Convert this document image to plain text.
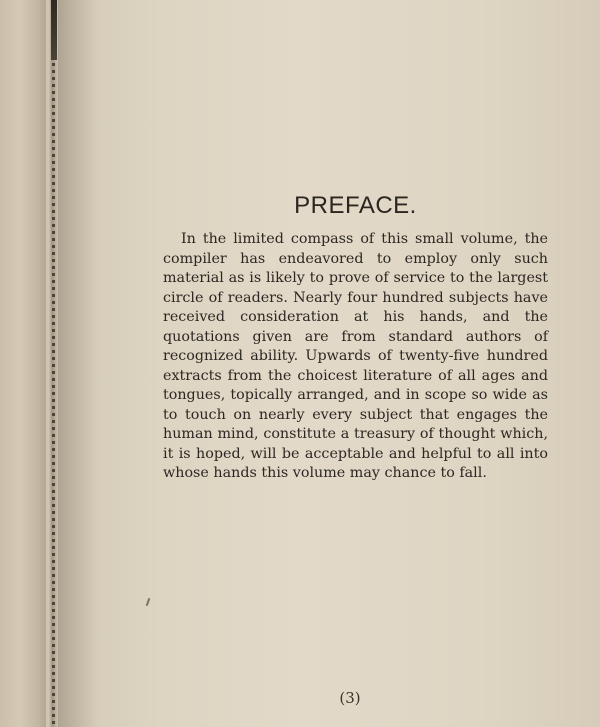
PREFACE.

In the limited compass of this small volume, the compiler has endeavored to employ only such material as is likely to prove of service to the largest circle of readers. Nearly four hundred subjects have received consideration at his hands, and the quotations given are from standard authors of recognized ability. Upwards of twenty-five hundred extracts from the choicest literature of all ages and tongues, topically arranged, and in scope so wide as to touch on nearly every subject that engages the human mind, constitute a treasury of thought which, it is hoped, will be acceptable and helpful to all into whose hands this volume may chance to fall.

(3)
